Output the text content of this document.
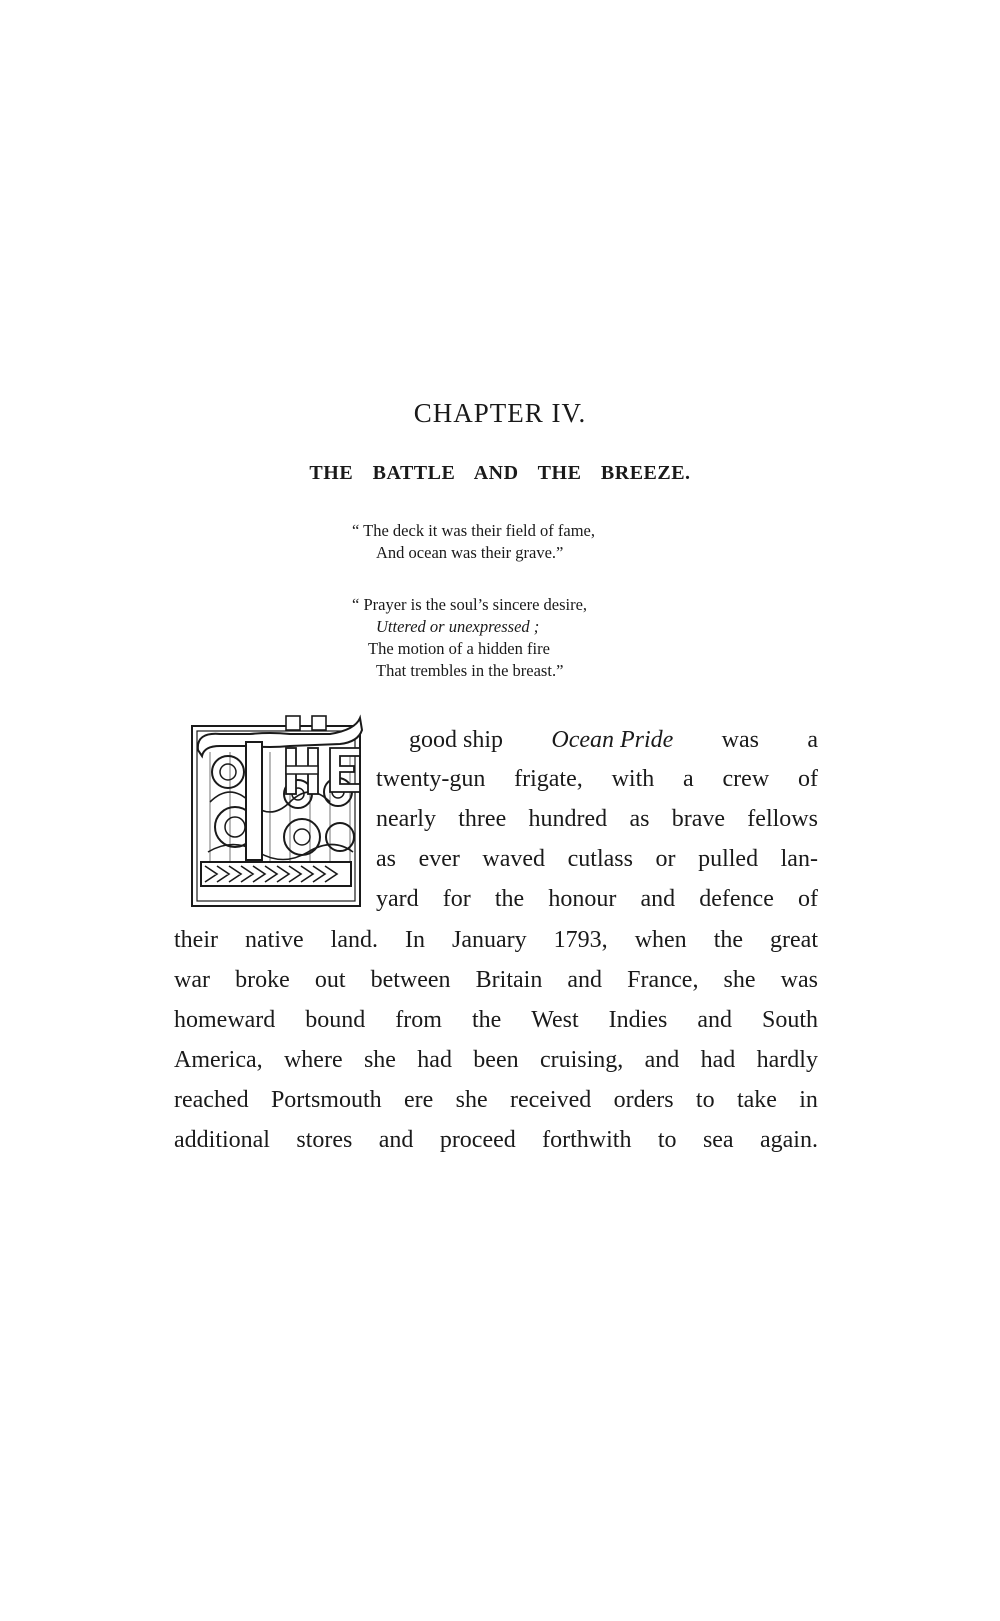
CHAPTER IV.
THE BATTLE AND THE BREEZE.
“ The deck it was their field of fame,
And ocean was their grave.”
“ Prayer is the soul’s sincere desire,
Uttered or unexpressed ;
The motion of a hidden fire
That trembles in the breast.”
good ship Ocean Pride was a
twenty-gun frigate, with a crew of
nearly three hundred as brave fellows
as ever waved cutlass or pulled lan-
yard for the honour and defence of
their native land. In January 1793, when the great
war broke out between Britain and France, she was
homeward bound from the West Indies and South
America, where she had been cruising, and had hardly
reached Portsmouth ere she received orders to take in
additional stores and proceed forthwith to sea again.
